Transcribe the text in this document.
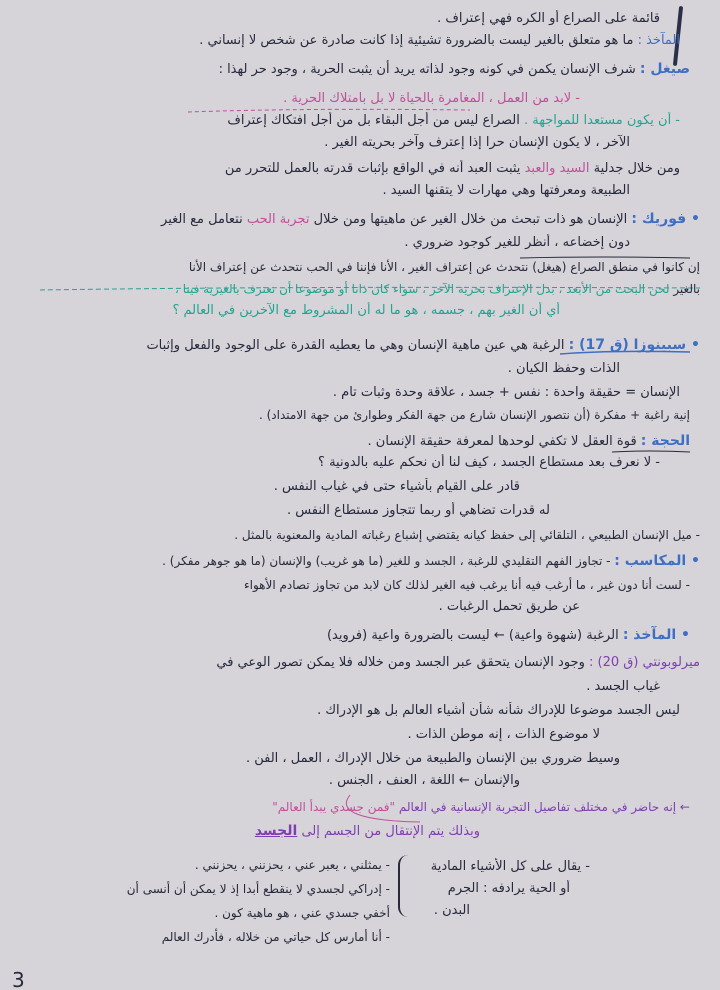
قائمة على الصراع أو الكره فهي إعتراف .
المآخذ : ما هو متعلق بالغير ليست بالضرورة تشيئية إذا كانت صادرة عن شخص لا إنساني .
صيغل : شرف الإنسان يكمن في كونه وجود لذاته يريد أن يثبت الحرية ، وجود حر لهذا :
- لابد من العمل ، المغامرة بالحياة لا بل بامتلاك الحرية .
- أن يكون مستعدا للمواجهة . الصراع ليس من أجل البقاء بل من أجل افتكاك إعتراف
الآخر ، لا يكون الإنسان حرا إذا إعترف وآخر بحريته الغير .
ومن خلال جدلية السيد والعبد يثبت العبد أنه في الواقع بإثبات قدرته بالعمل للتحرر من
الطبيعة ومعرفتها وهي مهارات لا يتقنها السيد .
• فوريك : الإنسان هو ذات تبحث من خلال الغير عن ماهيتها ومن خلال تجربة الحب نتعامل مع الغير
دون إخضاعه ، أنظر للغير كوجود ضروري .
إن كانوا في منطق الصراع (هيغل) نتحدث عن إعتراف الغير ، الأنا فإننا في الحب نتحدث عن إعتراف الأنا
بالغير لحن البحث من الأبعد ، بدل الإعتراف بحرية الآخر ، سواء كان ذاتا أو موضوعا أن نعترف بالغيرية فينا ،
أي أن الغير بهم ، جسمه ، هو ما له أن المشروط مع الآخرين في العالم ؟
• سبينوزا (ق 17) : الرغبة هي عين ماهية الإنسان وهي ما يعطيه القدرة على الوجود والفعل وإثبات
الذات وحفظ الكيان .
الإنسان = حقيقة واحدة : نفس + جسد ، علاقة وحدة وثبات تام .
إنية راغبة + مفكرة (أن نتصور الإنسان شارع من جهة الفكر وطوارئ من جهة الامتداد) .
الحجة : قوة العقل لا تكفي لوحدها لمعرفة حقيقة الإنسان .
- لا نعرف بعد مستطاع الجسد ، كيف لنا أن نحكم عليه بالدونية ؟
قادر على القيام بأشياء حتى في غياب النفس .
له قدرات تضاهي أو ربما تتجاوز مستطاع النفس .
- ميل الإنسان الطبيعي ، التلقائي إلى حفظ كيانه يقتضي إشباع رغباته المادية والمعنوية بالمثل .
• المكاسب : - تجاوز الفهم التقليدي للرغبة ، الجسد و للغير (ما هو غريب) والإنسان (ما هو جوهر مفكر) .
- لست أنا دون غير ، ما أرغب فيه أنا يرغب فيه الغير لذلك كان لابد من تجاوز تصادم الأهواء
عن طريق تحمل الرغبات .
• المآخذ : الرغبة (شهوة واعية) ← ليست بالضرورة واعية (فرويد)
ميرلوبونتي (ق 20) : وجود الإنسان يتحقق عبر الجسد ومن خلاله فلا يمكن تصور الوعي في
غياب الجسد .
ليس الجسد موضوعا للإدراك شأنه شأن أشياء العالم بل هو الإدراك .
لا موضوع الذات ، إنه موطن الذات .
وسيط ضروري بين الإنسان والطبيعة من خلال الإدراك ، العمل ، الفن .
والإنسان ← اللغة ، العنف ، الجنس .
← إنه حاضر في مختلف تفاصيل التجربة الإنسانية في العالم "فمن جسدي يبدأ العالم"
وبذلك يتم الإنتقال من الجسم إلى الجسد
- يقال على كل الأشياء المادية
أو الحية يرادفه : الجرم
البدن .
- يمثلني ، يعبر عني ، يحزنني ، يحزنني .
- إدراكي لجسدي لا ينقطع أبدا إذ لا يمكن أن أنسى أن
أخفي جسدي عني ، هو ماهية كون .
- أنا أمارس كل حياتي من خلاله ، فأدرك العالم
3
